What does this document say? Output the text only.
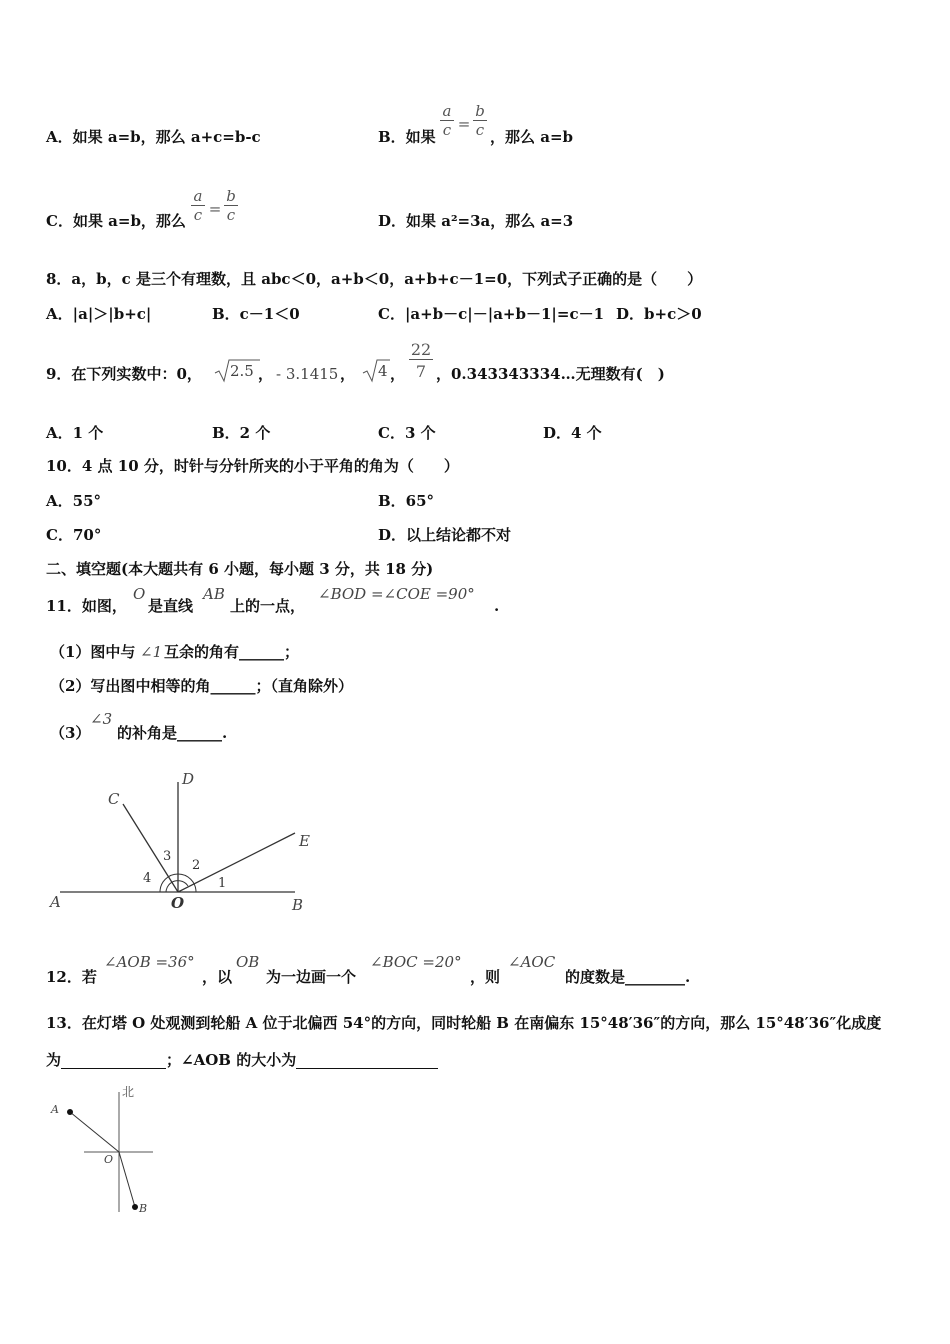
A．如果 a=b，那么 a+c=b-c	B．如果 $\frac{a}{c} = \frac{b}{c}$ ，那么 a=b
C．如果 a=b，那么 $\frac{a}{c} = \frac{b}{c}$	D．如果 a²=3a，那么 a=3
8．a，b，c 是三个有理数，且 abc＜0，a+b＜0，a+b+c－1=0，下列式子正确的是（　　）
A．|a|＞|b+c|	B．c－1＜0	C．|a+b－c|－|a+b－1|=c－1 D．b+c＞0
9．在下列实数中：0， 2.5 ， - 3.1415 ， 4 ， $\frac{22}{7}$ ，0.343343334…无理数有(　)
A．1 个	B．2 个	C．3 个	D．4 个
10．4 点 10 分，时针与分针所夹的小于平角的角为（　　）
A．55°	B．65°
C．70°	D．以上结论都不对
二、填空题(本大题共有 6 小题，每小题 3 分，共 18 分)
11．如图，
O
是直线
AB
上的一点，
∠BOD =∠COE =90°
.
（1）图中与 ∠1 互余的角有______；
（2）写出图中相等的角______；（直角除外）
（3）
∠3
的补角是______.
A	B
C
D
E
O
1
2
3
4
12．若
∠AOB =36°
，以
OB
为一边画一个
∠BOC =20°
，则
∠AOC
的度数是________.
13．在灯塔 O 处观测到轮船 A 位于北偏西 54°的方向，同时轮船 B 在南偏东 15°48′36″的方向，那么 15°48′36″化成度
为	；∠AOB 的大小为
北
A
O
B
